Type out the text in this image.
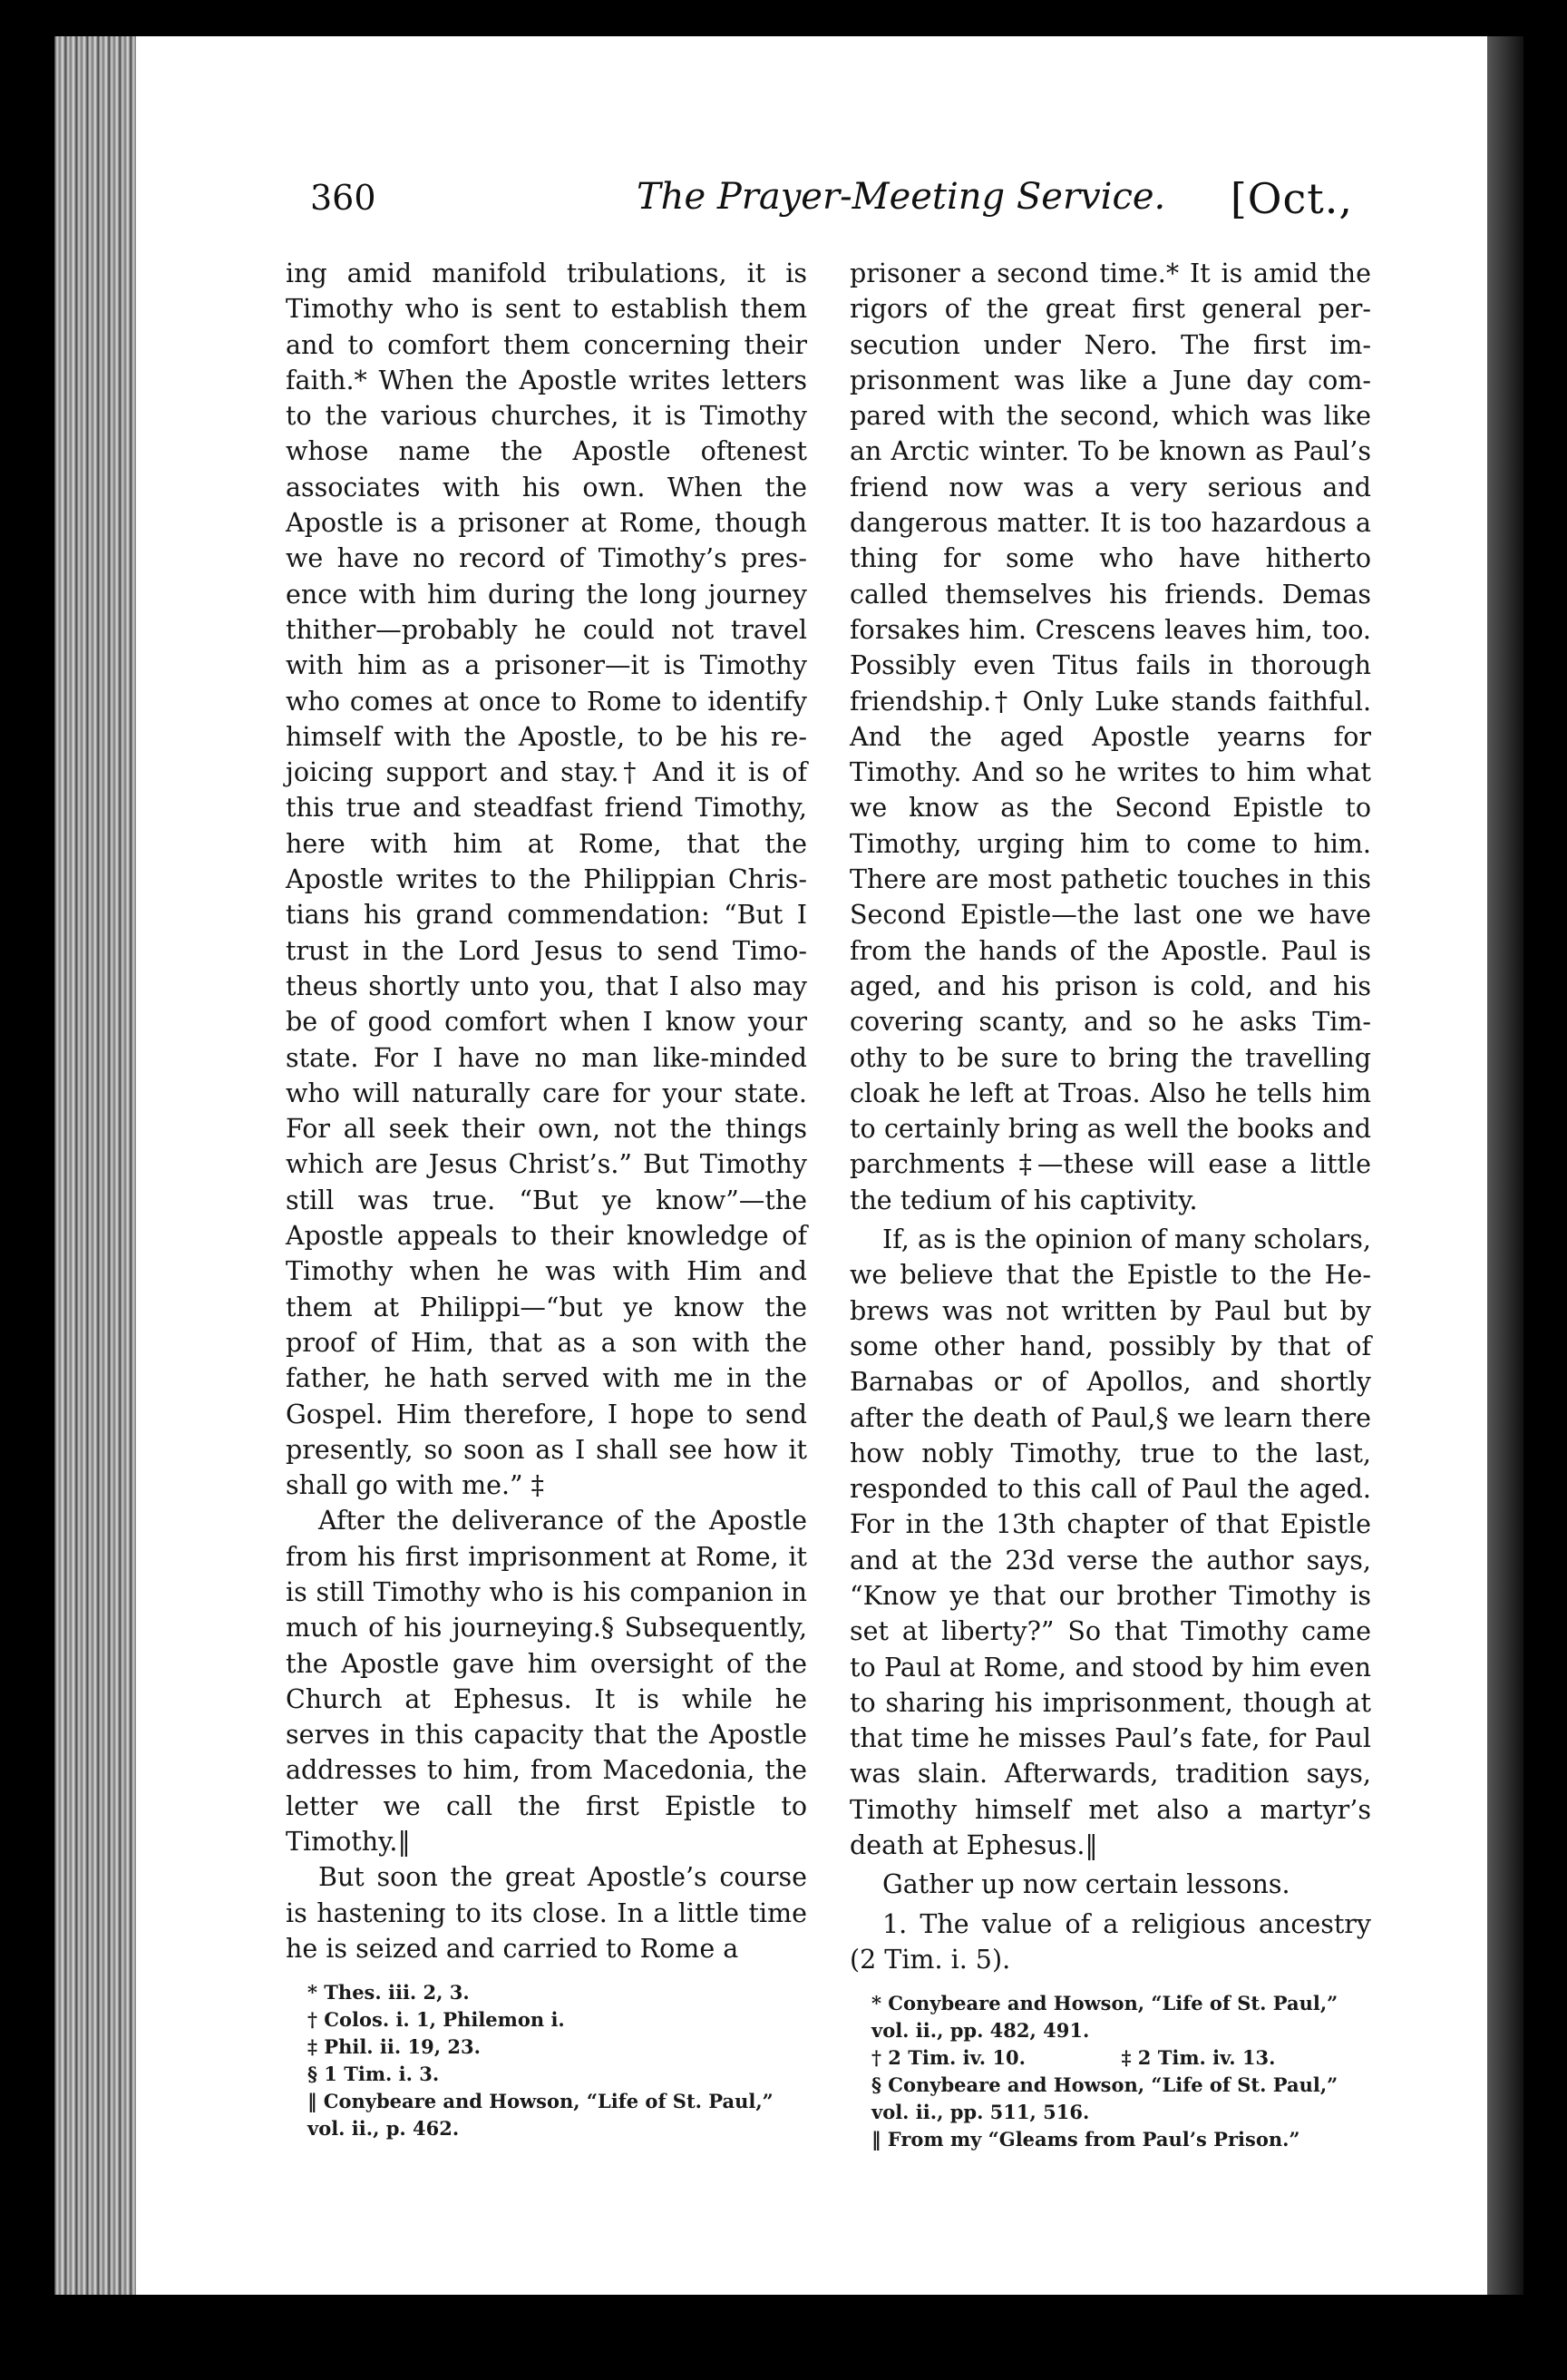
360	The Prayer-Meeting Service. [Oct.,

ing amid manifold tribulations, it is Timothy who is sent to establish them and to comfort them concerning their faith.* When the Apostle writes letters to the various churches, it is Timothy whose name the Apostle oftenest associates with his own. When the Apostle is a prisoner at Rome, though we have no record of Timothy’s presence with him during the long journey thither—probably he could not travel with him as a prisoner—it is Timothy who comes at once to Rome to identify himself with the Apostle, to be his rejoicing support and stay.† And it is of this true and steadfast friend Timothy, here with him at Rome, that the Apostle writes to the Philippian Christians his grand commendation: “But I trust in the Lord Jesus to send Timotheus shortly unto you, that I also may be of good comfort when I know your state. For I have no man like-minded who will naturally care for your state. For all seek their own, not the things which are Jesus Christ’s.” But Timothy still was true. “But ye know”—the Apostle appeals to their knowledge of Timothy when he was with Him and them at Philippi—“but ye know the proof of Him, that as a son with the father, he hath served with me in the Gospel. Him therefore, I hope to send presently, so soon as I shall see how it shall go with me.” ‡

After the deliverance of the Apostle from his first imprisonment at Rome, it is still Timothy who is his companion in much of his journeying.§ Subsequently, the Apostle gave him oversight of the Church at Ephesus. It is while he serves in this capacity that the Apostle addresses to him, from Macedonia, the letter we call the first Epistle to Timothy.‖

But soon the great Apostle’s course is hastening to its close. In a little time he is seized and carried to Rome a

* Thes. iii. 2, 3.
† Colos. i. 1, Philemon i.
‡ Phil. ii. 19, 23.
§ 1 Tim. i. 3.
‖ Conybeare and Howson, “Life of St. Paul,” vol. ii., p. 462.

prisoner a second time.* It is amid the rigors of the great first general persecution under Nero. The first imprisonment was like a June day compared with the second, which was like an Arctic winter. To be known as Paul’s friend now was a very serious and dangerous matter. It is too hazardous a thing for some who have hitherto called themselves his friends. Demas forsakes him. Crescens leaves him, too. Possibly even Titus fails in thorough friendship.† Only Luke stands faithful. And the aged Apostle yearns for Timothy. And so he writes to him what we know as the Second Epistle to Timothy, urging him to come to him. There are most pathetic touches in this Second Epistle—the last one we have from the hands of the Apostle. Paul is aged, and his prison is cold, and his covering scanty, and so he asks Timothy to be sure to bring the travelling cloak he left at Troas. Also he tells him to certainly bring as well the books and parchments ‡—these will ease a little the tedium of his captivity.

If, as is the opinion of many scholars, we believe that the Epistle to the Hebrews was not written by Paul but by some other hand, possibly by that of Barnabas or of Apollos, and shortly after the death of Paul,§ we learn there how nobly Timothy, true to the last, responded to this call of Paul the aged. For in the 13th chapter of that Epistle and at the 23d verse the author says, “Know ye that our brother Timothy is set at liberty?” So that Timothy came to Paul at Rome, and stood by him even to sharing his imprisonment, though at that time he misses Paul’s fate, for Paul was slain. Afterwards, tradition says, Timothy himself met also a martyr’s death at Ephesus.‖

Gather up now certain lessons.

1. The value of a religious ancestry (2 Tim. i. 5).

* Conybeare and Howson, “Life of St. Paul,” vol. ii., pp. 482, 491.
† 2 Tim. iv. 10.	‡ 2 Tim. iv. 13.
§ Conybeare and Howson, “Life of St. Paul,” vol. ii., pp. 511, 516.
‖ From my “Gleams from Paul’s Prison.”
